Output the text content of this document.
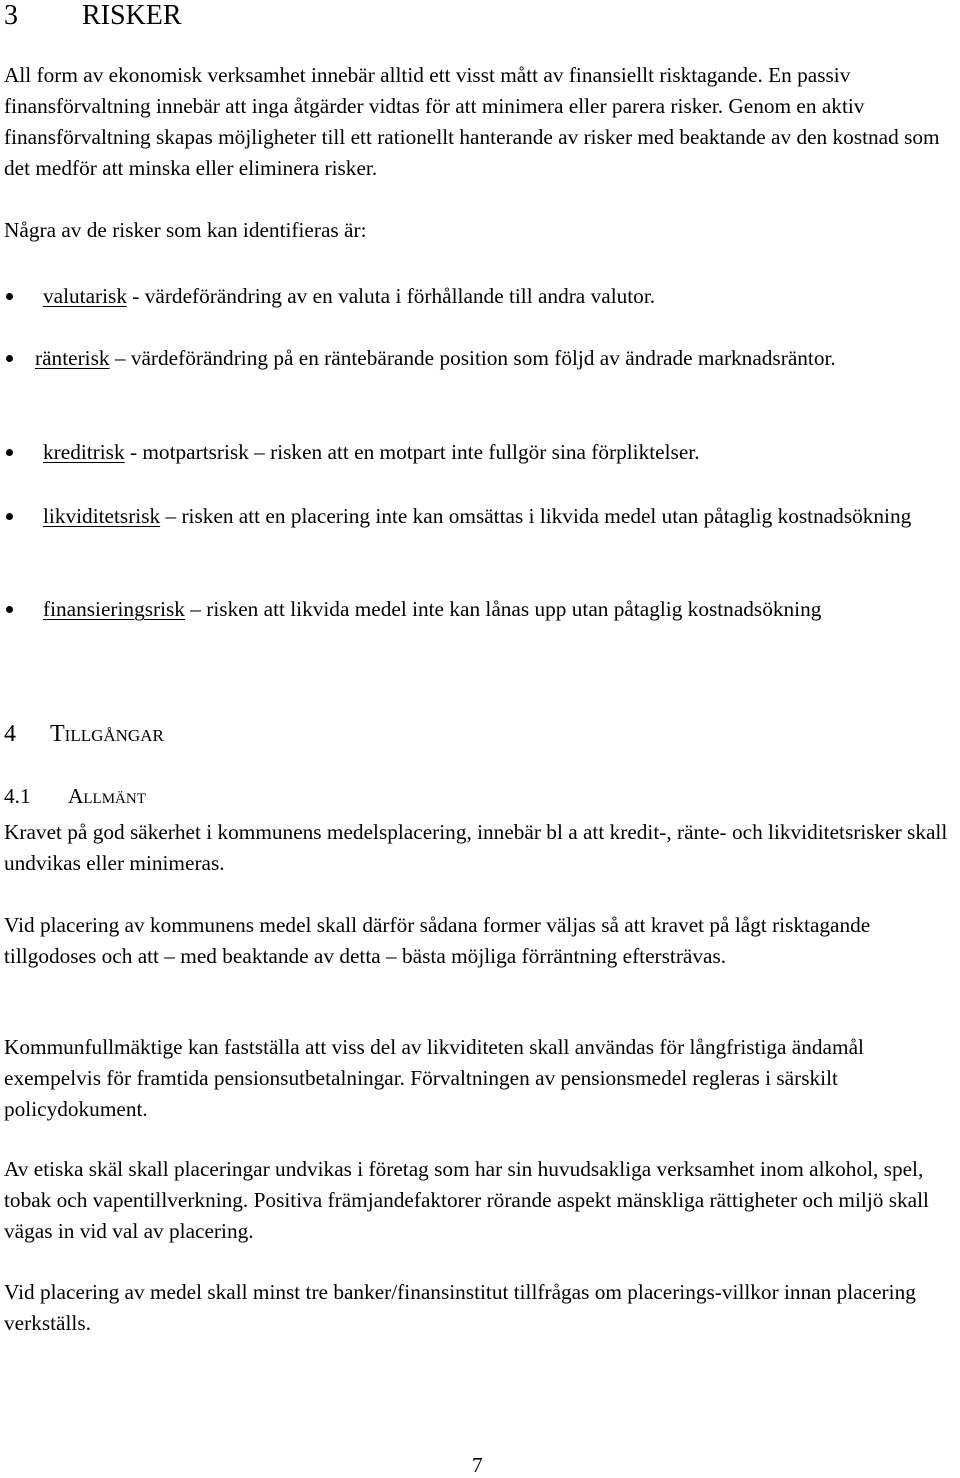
3 RISKER
All form av ekonomisk verksamhet innebär alltid ett visst mått av finansiellt risktagande. En passiv finansförvaltning innebär att inga åtgärder vidtas för att minimera eller parera risker. Genom en aktiv finansförvaltning skapas möjligheter till ett rationellt hanterande av risker med beaktande av den kostnad som det medför att minska eller eliminera risker.
Några av de risker som kan identifieras är:
valutarisk - värdeförändring av en valuta i förhållande till andra valutor.
ränterisk – värdeförändring på en räntebärande position som följd av ändrade marknadsräntor.
kreditrisk - motpartsrisk – risken att en motpart inte fullgör sina förpliktelser.
likviditetsrisk – risken att en placering inte kan omsättas i likvida medel utan påtaglig kostnadsökning
finansieringsrisk – risken att likvida medel inte kan lånas upp utan påtaglig kostnadsökning
4 Tillgångar
4.1 Allmänt
Kravet på god säkerhet i kommunens medelsplacering, innebär bl a att kredit-, ränte- och likviditetsrisker skall undvikas eller minimeras.
Vid placering av kommunens medel skall därför sådana former väljas så att kravet på lågt risktagande tillgodoses och att – med beaktande av detta – bästa möjliga förräntning eftersträvas.
Kommunfullmäktige kan fastställa att viss del av likviditeten skall användas för långfristiga ändamål exempelvis för framtida pensionsutbetalningar. Förvaltningen av pensionsmedel regleras i särskilt policydokument.
Av etiska skäl skall placeringar undvikas i företag som har sin huvudsakliga verksamhet inom alkohol, spel, tobak och vapentillverkning. Positiva främjandefaktorer rörande aspekt mänskliga rättigheter och miljö skall vägas in vid val av placering.
Vid placering av medel skall minst tre banker/finansinstitut tillfrågas om placerings-villkor innan placering verkställs.
7
